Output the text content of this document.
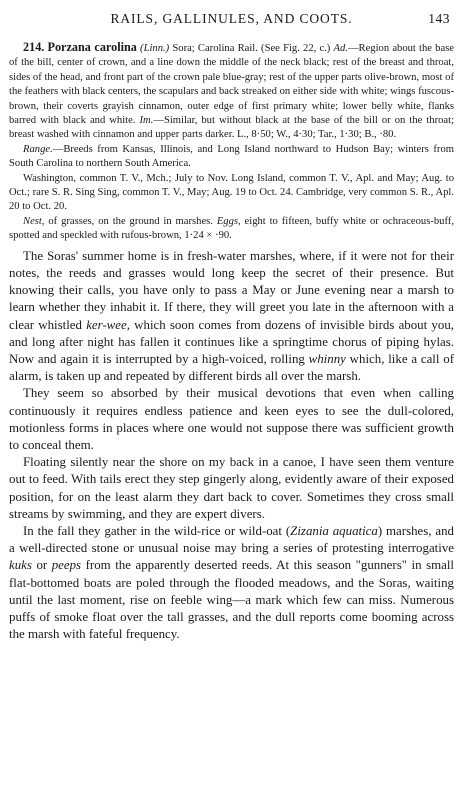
RAILS, GALLINULES, AND COOTS.	143

214. Porzana carolina (Linn.) Sora; Carolina Rail. (See Fig. 22, c.) Ad.—Region about the base of the bill, center of crown, and a line down the middle of the neck black; rest of the breast and throat, sides of the head, and front part of the crown pale blue-gray; rest of the upper parts olive-brown, most of the feathers with black centers, the scapulars and back streaked on either side with white; wings fuscous-brown, their coverts grayish cinnamon, outer edge of first primary white; lower belly white, flanks barred with black and white. Im.—Similar, but without black at the base of the bill or on the throat; breast washed with cinnamon and upper parts darker. L., 8·50; W., 4·30; Tar., 1·30; B., ·80.

Range.—Breeds from Kansas, Illinois, and Long Island northward to Hudson Bay; winters from South Carolina to northern South America.

Washington, common T. V., Mch.; July to Nov. Long Island, common T. V., Apl. and May; Aug. to Oct.; rare S. R. Sing Sing, common T. V., May; Aug. 19 to Oct. 24. Cambridge, very common S. R., Apl. 20 to Oct. 20.

Nest, of grasses, on the ground in marshes. Eggs, eight to fifteen, buffy white or ochraceous-buff, spotted and speckled with rufous-brown, 1·24 × ·90.

The Soras' summer home is in fresh-water marshes, where, if it were not for their notes, the reeds and grasses would long keep the secret of their presence. But knowing their calls, you have only to pass a May or June evening near a marsh to learn whether they inhabit it. If there, they will greet you late in the afternoon with a clear whistled ker-wee, which soon comes from dozens of invisible birds about you, and long after night has fallen it continues like a springtime chorus of piping hylas. Now and again it is interrupted by a high-voiced, rolling whinny which, like a call of alarm, is taken up and repeated by different birds all over the marsh.

They seem so absorbed by their musical devotions that even when calling continuously it requires endless patience and keen eyes to see the dull-colored, motionless forms in places where one would not suppose there was sufficient growth to conceal them.

Floating silently near the shore on my back in a canoe, I have seen them venture out to feed. With tails erect they step gingerly along, evidently aware of their exposed position, for on the least alarm they dart back to cover. Sometimes they cross small streams by swimming, and they are expert divers.

In the fall they gather in the wild-rice or wild-oat (Zizania aquatica) marshes, and a well-directed stone or unusual noise may bring a series of protesting interrogative kuks or peeps from the apparently deserted reeds. At this season "gunners" in small flat-bottomed boats are poled through the flooded meadows, and the Soras, waiting until the last moment, rise on feeble wing—a mark which few can miss. Numerous puffs of smoke float over the tall grasses, and the dull reports come booming across the marsh with fateful frequency.
